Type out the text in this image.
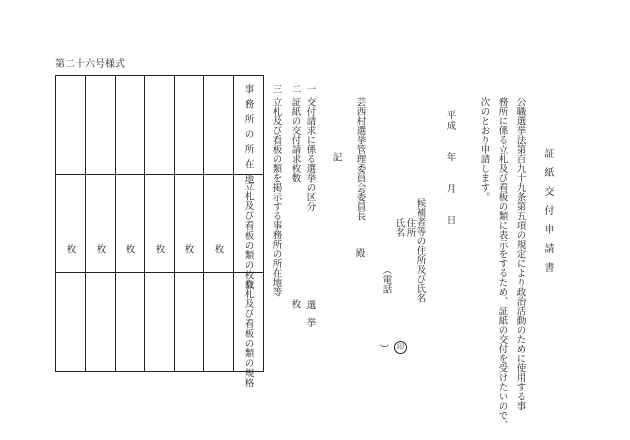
第二十六号様式
証紙交付申請書
公職選挙法第百九十九条第五項の規定により政治活動のために使用する事
務所に係る立札及び看板の類に表示をするため、証紙の交付を受けたいので、
次のとおり申請します。
平成　　年　　月　　日
候補者等の住所及び氏名
住所
氏名
（電話
）	印
芸西村選挙管理委員会委員長
殿
記
一
交付請求に係る選挙の区分
選挙
二
証紙の交付請求枚数
枚
三
立札及び看板の類を掲示する事務所の所在地等
事務所の所在地
立札及び看板の類の枚数
立札及び看板の類の規格
枚
枚
枚
枚
枚
枚
